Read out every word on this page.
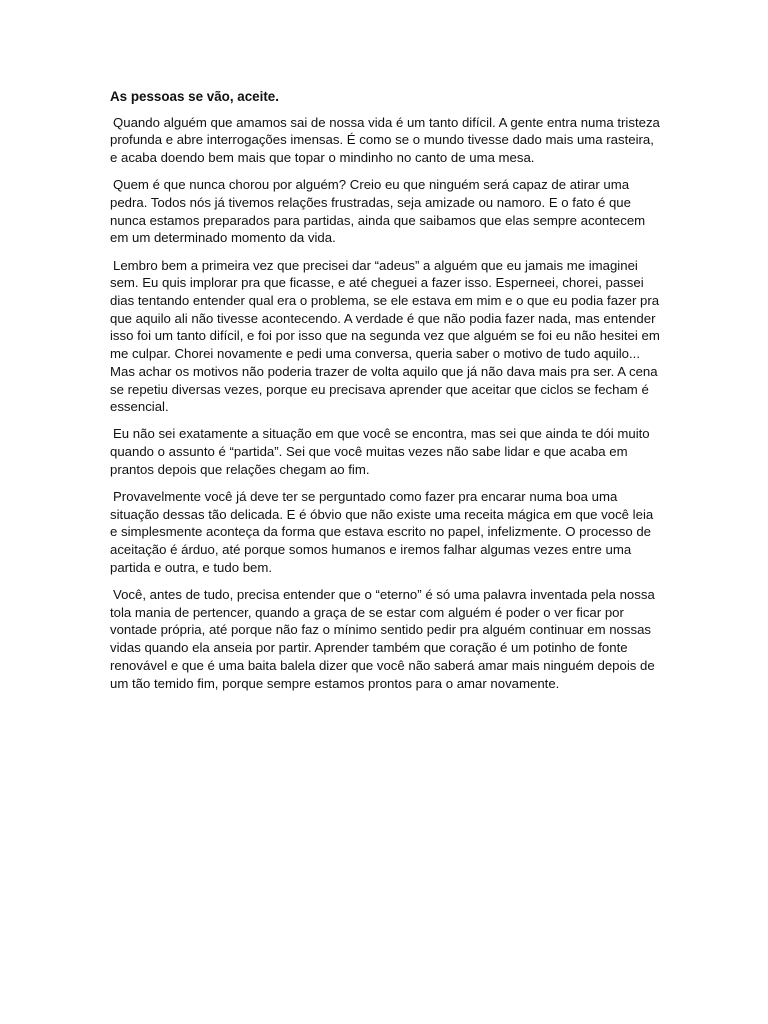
As pessoas se vão, aceite.

Quando alguém que amamos sai de nossa vida é um tanto difícil. A gente entra numa tristeza profunda e abre interrogações imensas. É como se o mundo tivesse dado mais uma rasteira, e acaba doendo bem mais que topar o mindinho no canto de uma mesa.

Quem é que nunca chorou por alguém? Creio eu que ninguém será capaz de atirar uma pedra. Todos nós já tivemos relações frustradas, seja amizade ou namoro. E o fato é que nunca estamos preparados para partidas, ainda que saibamos que elas sempre acontecem em um determinado momento da vida.

Lembro bem a primeira vez que precisei dar “adeus” a alguém que eu jamais me imaginei sem. Eu quis implorar pra que ficasse, e até cheguei a fazer isso. Esperneei, chorei, passei dias tentando entender qual era o problema, se ele estava em mim e o que eu podia fazer pra que aquilo ali não tivesse acontecendo. A verdade é que não podia fazer nada, mas entender isso foi um tanto difícil, e foi por isso que na segunda vez que alguém se foi eu não hesitei em me culpar. Chorei novamente e pedi uma conversa, queria saber o motivo de tudo aquilo... Mas achar os motivos não poderia trazer de volta aquilo que já não dava mais pra ser. A cena se repetiu diversas vezes, porque eu precisava aprender que aceitar que ciclos se fecham é essencial.

Eu não sei exatamente a situação em que você se encontra, mas sei que ainda te dói muito quando o assunto é “partida”. Sei que você muitas vezes não sabe lidar e que acaba em prantos depois que relações chegam ao fim.

Provavelmente você já deve ter se perguntado como fazer pra encarar numa boa uma situação dessas tão delicada. E é óbvio que não existe uma receita mágica em que você leia e simplesmente aconteça da forma que estava escrito no papel, infelizmente. O processo de aceitação é árduo, até porque somos humanos e iremos falhar algumas vezes entre uma partida e outra, e tudo bem.

Você, antes de tudo, precisa entender que o “eterno” é só uma palavra inventada pela nossa tola mania de pertencer, quando a graça de se estar com alguém é poder o ver ficar por vontade própria, até porque não faz o mínimo sentido pedir pra alguém continuar em nossas vidas quando ela anseia por partir. Aprender também que coração é um potinho de fonte renovável e que é uma baita balela dizer que você não saberá amar mais ninguém depois de um tão temido fim, porque sempre estamos prontos para o amar novamente.
